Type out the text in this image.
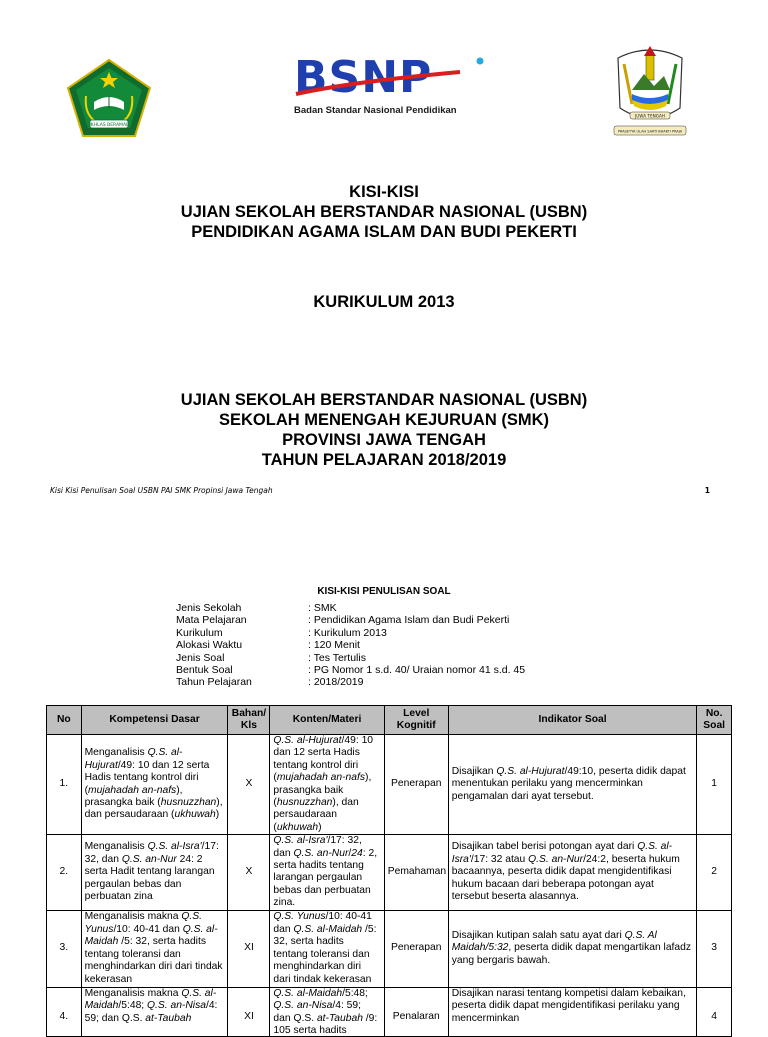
IKHLAS BERAMAL
BSNP
Badan Standar Nasional Pendidikan	JUWA TENGAH
PRASETYA ULAH SAKTI BHAKTI PRAJA
KISI-KISI
UJIAN SEKOLAH BERSTANDAR NASIONAL (USBN)
PENDIDIKAN AGAMA ISLAM DAN BUDI PEKERTI
KURIKULUM 2013
UJIAN SEKOLAH BERSTANDAR NASIONAL (USBN)
SEKOLAH MENENGAH KEJURUAN (SMK)
PROVINSI JAWA TENGAH
TAHUN PELAJARAN 2018/2019
Kisi Kisi Penulisan Soal USBN PAI SMK Propinsi Jawa Tengah	1
KISI-KISI PENULISAN SOAL
Jenis Sekolah	: SMK
Mata Pelajaran	: Pendidikan Agama Islam dan Budi Pekerti
Kurikulum	: Kurikulum 2013
Alokasi Waktu	: 120 Menit
Jenis Soal	: Tes Tertulis
Bentuk Soal	: PG Nomor 1 s.d. 40/ Uraian nomor 41 s.d. 45
Tahun Pelajaran	: 2018/2019
No	Kompetensi Dasar	Bahan/ Kls	Konten/Materi	Level Kognitif	Indikator Soal	No. Soal
1.	Menganalisis Q.S. al-Hujurat/49: 10 dan 12 serta Hadis tentang kontrol diri (mujahadah an-nafs), prasangka baik (husnuzzhan), dan persaudaraan (ukhuwah)	X	Q.S. al-Hujurat/49: 10 dan 12 serta Hadis tentang kontrol diri (mujahadah an-nafs), prasangka baik (husnuzzhan), dan persaudaraan (ukhuwah)	Penerapan	Disajikan Q.S. al-Hujurat/49:10, peserta didik dapat menentukan perilaku yang mencerminkan pengamalan dari ayat tersebut.	1
2.	Menganalisis Q.S. al-Isra'/17: 32, dan Q.S. an-Nur 24: 2 serta Hadit tentang larangan pergaulan bebas dan perbuatan zina	X	Q.S. al-Isra'/17: 32, dan Q.S. an-Nur/24: 2, serta hadits tentang larangan pergaulan bebas dan perbuatan zina.	Pemahaman	Disajikan tabel berisi potongan ayat dari Q.S. al-Isra'/17: 32 atau Q.S. an-Nur/24:2, beserta hukum bacaannya, peserta didik dapat mengidentifikasi hukum bacaan dari beberapa potongan ayat tersebut beserta alasannya.	2
3.	Menganalisis makna Q.S. Yunus/10: 40-41 dan Q.S. al-Maidah /5: 32, serta hadits tentang toleransi dan menghindarkan diri dari tindak kekerasan	XI	Q.S. Yunus/10: 40-41 dan Q.S. al-Maidah /5: 32, serta hadits tentang toleransi dan menghindarkan diri dari tindak kekerasan	Penerapan	Disajikan kutipan salah satu ayat dari Q.S. Al Maidah/5:32, peserta didik dapat mengartikan lafadz yang bergaris bawah.	3
4.	Menganalisis makna Q.S. al-Maidah/5:48; Q.S. an-Nisa/4: 59; dan Q.S. at-Taubah	XI	Q.S. al-Maidah/5:48; Q.S. an-Nisa/4: 59; dan Q.S. at-Taubah /9: 105 serta hadits	Penalaran	Disajikan narasi tentang kompetisi dalam kebaikan, peserta didik dapat mengidentifikasi perilaku yang mencerminkan	4
